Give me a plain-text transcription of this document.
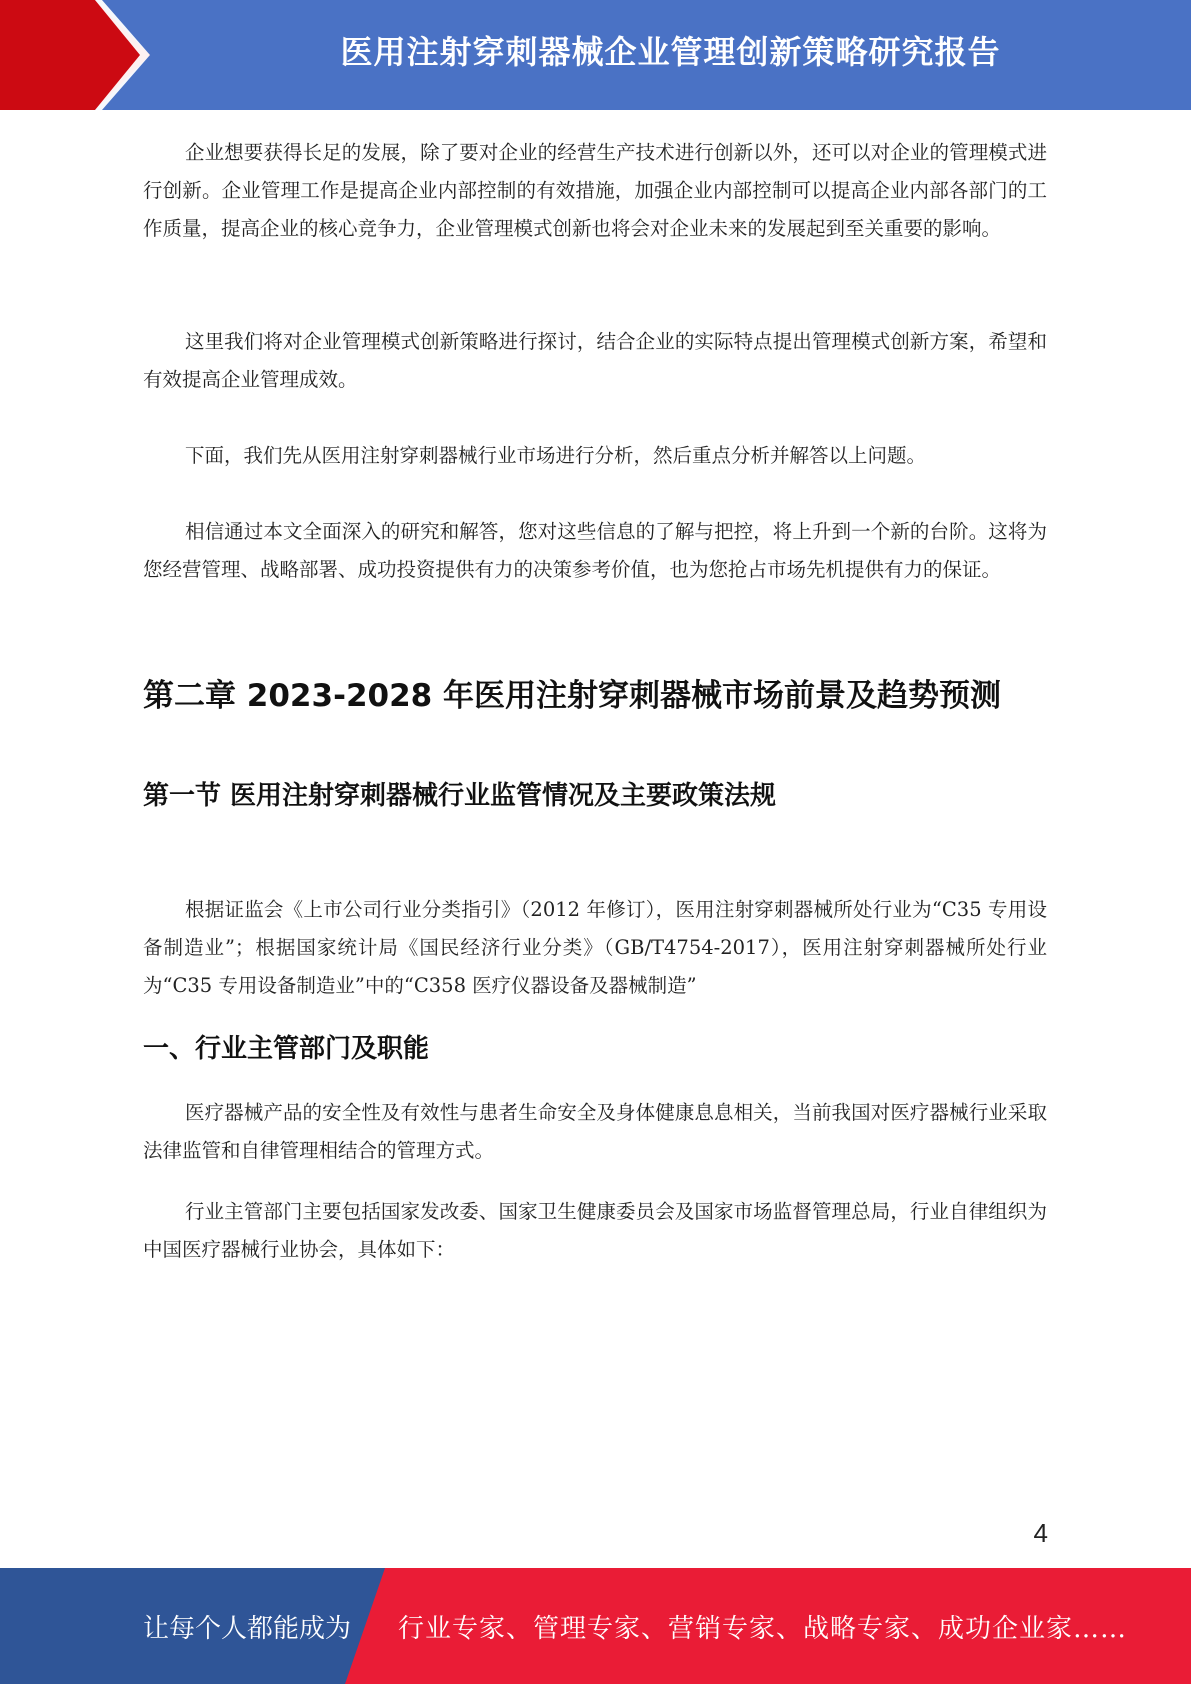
医用注射穿刺器械企业管理创新策略研究报告

企业想要获得长足的发展，除了要对企业的经营生产技术进行创新以外，还可以对企业的管理模式进行创新。企业管理工作是提高企业内部控制的有效措施，加强企业内部控制可以提高企业内部各部门的工作质量，提高企业的核心竞争力，企业管理模式创新也将会对企业未来的发展起到至关重要的影响。

这里我们将对企业管理模式创新策略进行探讨，结合企业的实际特点提出管理模式创新方案，希望和有效提高企业管理成效。

下面，我们先从医用注射穿刺器械行业市场进行分析，然后重点分析并解答以上问题。

相信通过本文全面深入的研究和解答，您对这些信息的了解与把控，将上升到一个新的台阶。这将为您经营管理、战略部署、成功投资提供有力的决策参考价值，也为您抢占市场先机提供有力的保证。

第二章 2023-2028 年医用注射穿刺器械市场前景及趋势预测
第一节 医用注射穿刺器械行业监管情况及主要政策法规

根据证监会《上市公司行业分类指引》（2012 年修订），医用注射穿刺器械所处行业为“C35 专用设备制造业”；根据国家统计局《国民经济行业分类》（GB/T4754-2017），医用注射穿刺器械所处行业为“C35 专用设备制造业”中的“C358 医疗仪器设备及器械制造”

一、行业主管部门及职能

医疗器械产品的安全性及有效性与患者生命安全及身体健康息息相关，当前我国对医疗器械行业采取法律监管和自律管理相结合的管理方式。

行业主管部门主要包括国家发改委、国家卫生健康委员会及国家市场监督管理总局，行业自律组织为中国医疗器械行业协会，具体如下：

4
让每个人都能成为 行业专家、管理专家、营销专家、战略专家、成功企业家……
